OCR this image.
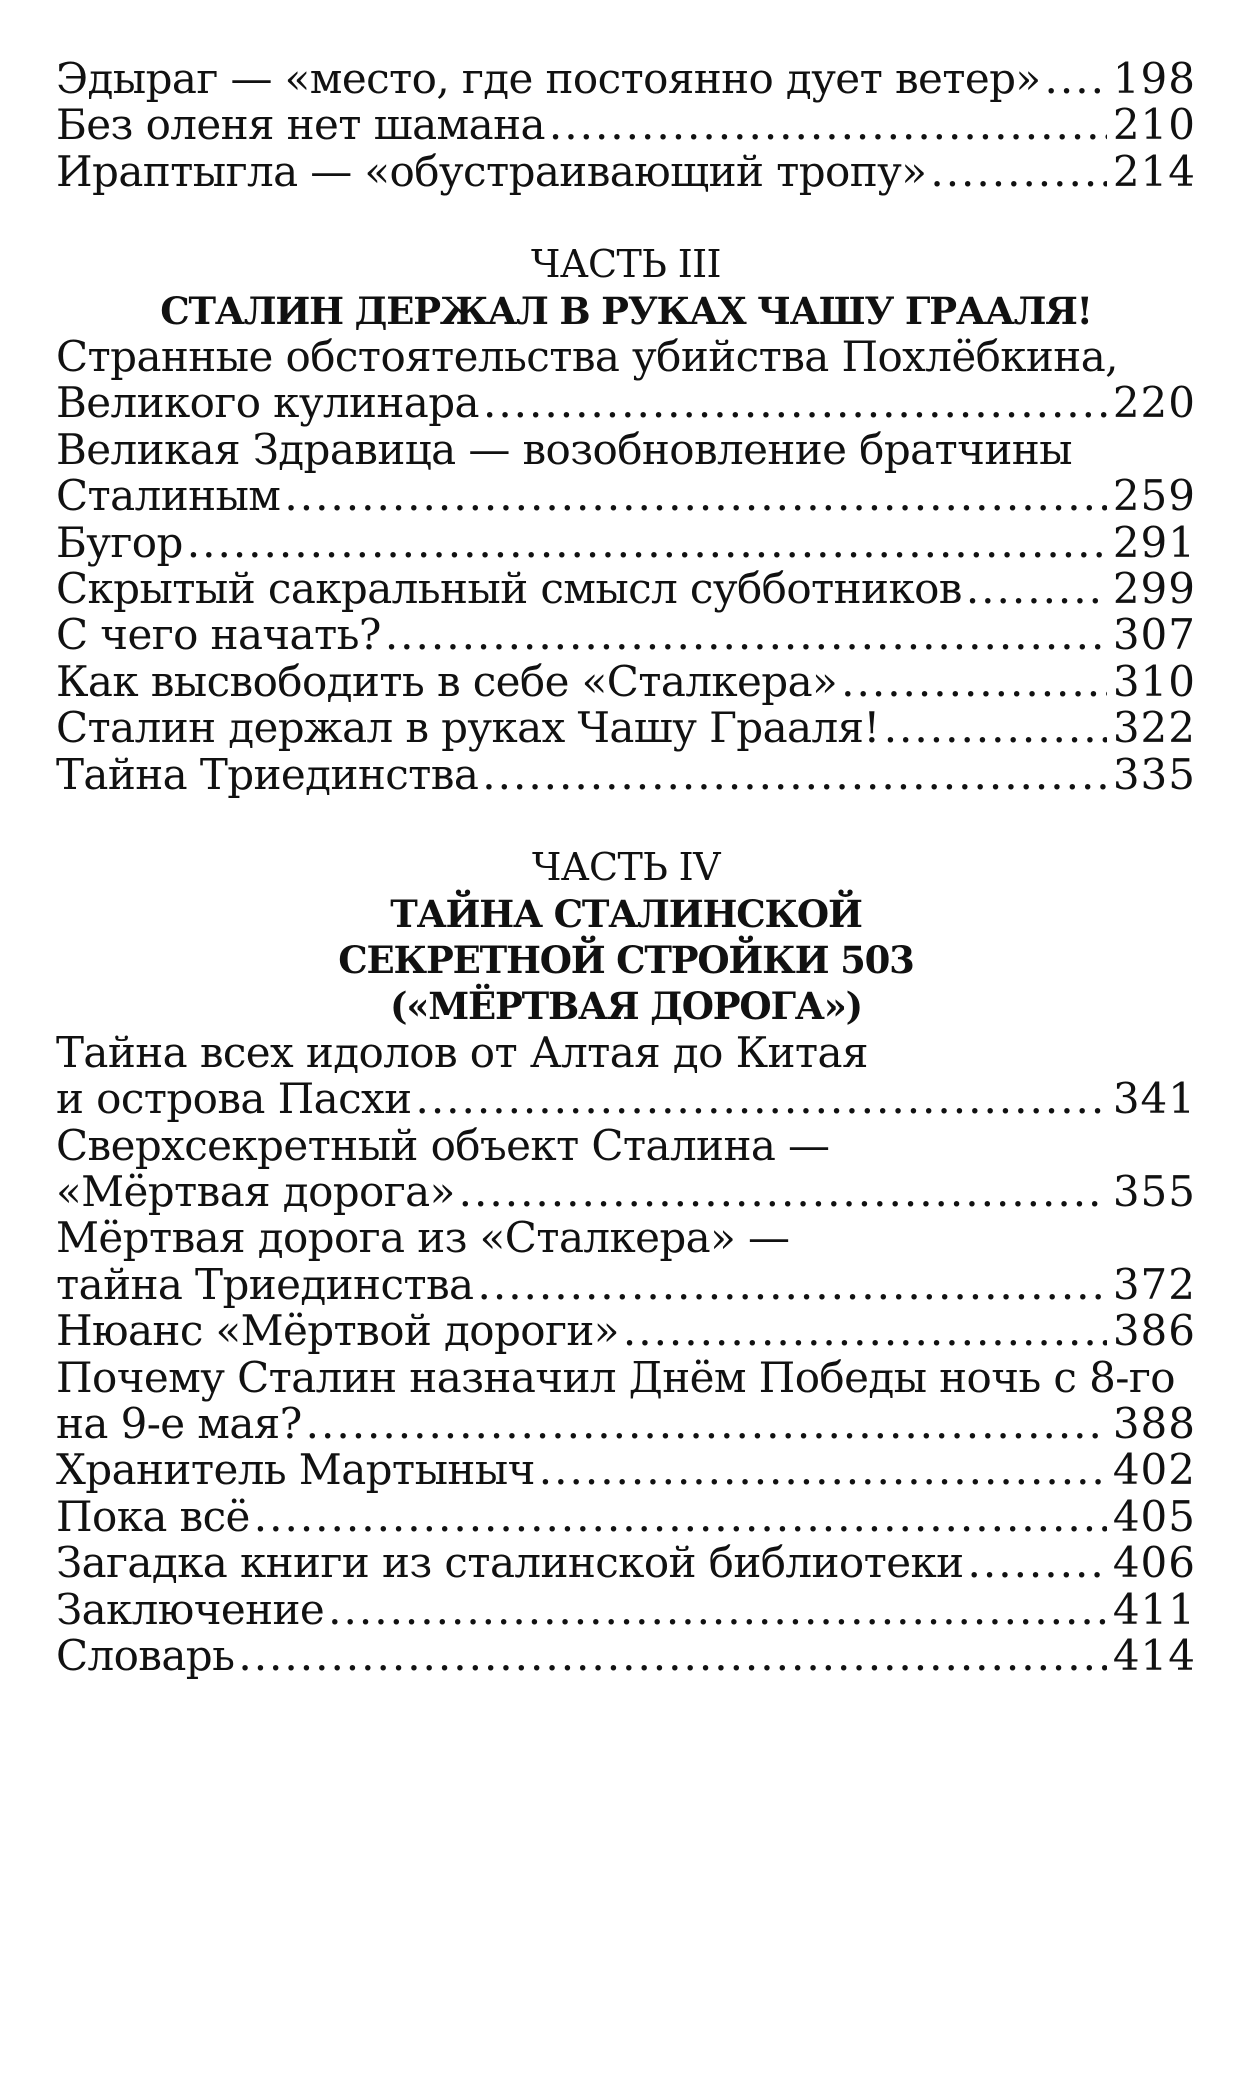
Эдыраг — «место, где постоянно дует ветер» ..... 198
Без оленя нет шамана .....	210
Ираптыгла — «обустраивающий тропу» .....	214
ЧАСТЬ III
СТАЛИН ДЕРЖАЛ В РУКАХ ЧАШУ ГРААЛЯ!
Странные обстоятельства убийства Похлёбкина,
Великого кулинара .....	220
Великая Здравица — возобновление братчины
Сталиным .....	259
Бугор .....	291
Скрытый сакральный смысл субботников .....	299
С чего начать? .....	307
Как высвободить в себе «Сталкера» .....	310
Сталин держал в руках Чашу Грааля! .....	322
Тайна Триединства .....	335
ЧАСТЬ IV
ТАЙНА СТАЛИНСКОЙ
СЕКРЕТНОЙ СТРОЙКИ 503
(«МЁРТВАЯ ДОРОГА»)
Тайна всех идолов от Алтая до Китая
и острова Пасхи .....	341
Сверхсекретный объект Сталина —
«Мёртвая дорога» .....	355
Мёртвая дорога из «Сталкера» —
тайна Триединства .....	372
Нюанс «Мёртвой дороги» .....	386
Почему Сталин назначил Днём Победы ночь с 8-го
на 9-е мая? .....	388
Хранитель Мартыныч .....	402
Пока всё .....	405
Загадка книги из сталинской библиотеки .....	406
Заключение .....	411
Словарь .....	414
